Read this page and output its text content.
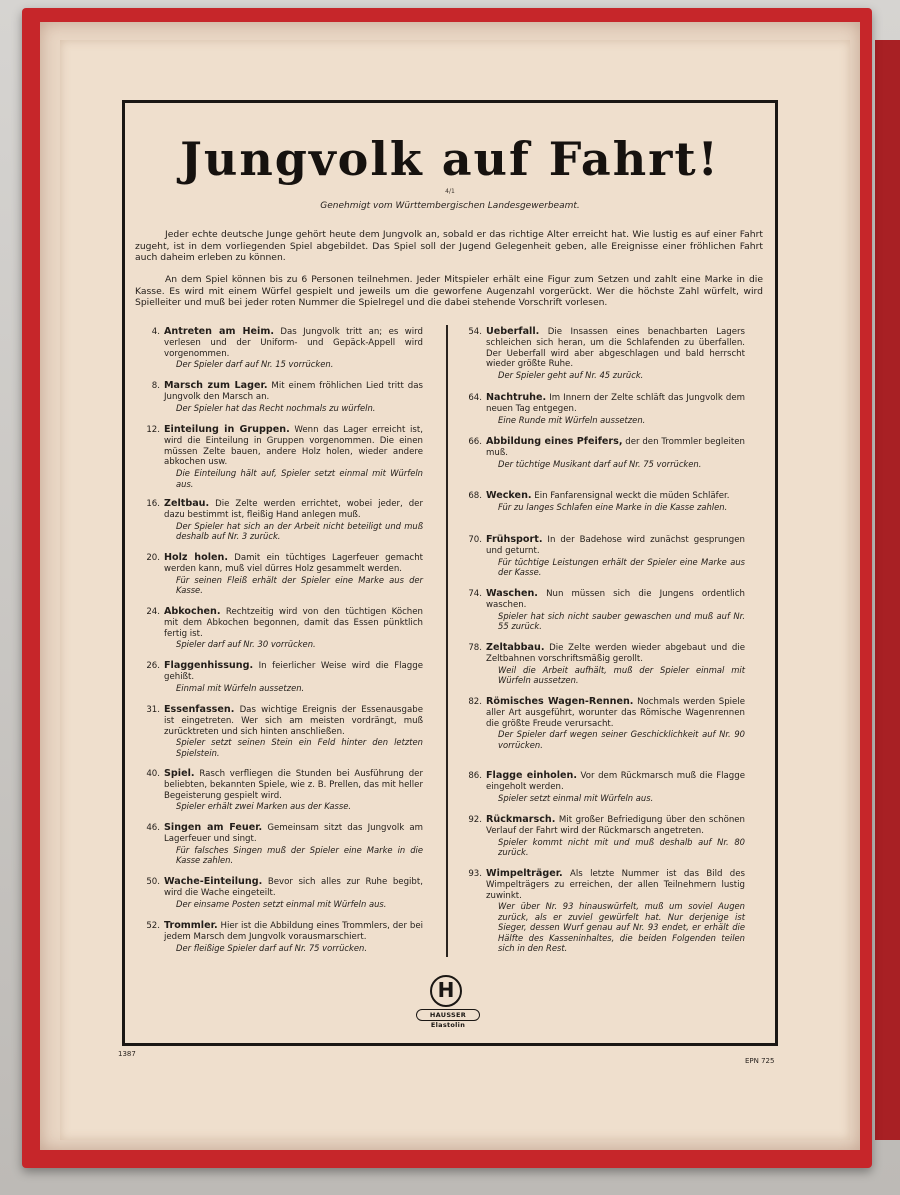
Jungvolk auf Fahrt!
4/1
Genehmigt vom Württembergischen Landesgewerbeamt.
Jeder echte deutsche Junge gehört heute dem Jungvolk an, sobald er das richtige Alter erreicht hat. Wie lustig es auf einer Fahrt zugeht, ist in dem vorliegenden Spiel abgebildet. Das Spiel soll der Jugend Gelegenheit geben, alle Ereignisse einer fröhlichen Fahrt auch daheim erleben zu können.
An dem Spiel können bis zu 6 Personen teilnehmen. Jeder Mitspieler erhält eine Figur zum Setzen und zahlt eine Marke in die Kasse. Es wird mit einem Würfel gespielt und jeweils um die geworfene Augenzahl vorgerückt. Wer die höchste Zahl würfelt, wird Spielleiter und muß bei jeder roten Nummer die Spielregel und die dabei stehende Vorschrift vorlesen.
4. Antreten am Heim. Das Jungvolk tritt an; es wird verlesen und der Uniform- und Gepäck-Appell wird vorgenommen.
Der Spieler darf auf Nr. 15 vorrücken.
8. Marsch zum Lager. Mit einem fröhlichen Lied tritt das Jungvolk den Marsch an.
Der Spieler hat das Recht nochmals zu würfeln.
12. Einteilung in Gruppen. Wenn das Lager erreicht ist, wird die Einteilung in Gruppen vorgenommen. Die einen müssen Zelte bauen, andere Holz holen, wieder andere abkochen usw.
Die Einteilung hält auf, Spieler setzt einmal mit Würfeln aus.
16. Zeltbau. Die Zelte werden errichtet, wobei jeder, der dazu bestimmt ist, fleißig Hand anlegen muß.
Der Spieler hat sich an der Arbeit nicht beteiligt und muß deshalb auf Nr. 3 zurück.
20. Holz holen. Damit ein tüchtiges Lagerfeuer gemacht werden kann, muß viel dürres Holz gesammelt werden.
Für seinen Fleiß erhält der Spieler eine Marke aus der Kasse.
24. Abkochen. Rechtzeitig wird von den tüchtigen Köchen mit dem Abkochen begonnen, damit das Essen pünktlich fertig ist.
Spieler darf auf Nr. 30 vorrücken.
26. Flaggenhissung. In feierlicher Weise wird die Flagge gehißt.
Einmal mit Würfeln aussetzen.
31. Essenfassen. Das wichtige Ereignis der Essenausgabe ist eingetreten. Wer sich am meisten vordrängt, muß zurücktreten und sich hinten anschließen.
Spieler setzt seinen Stein ein Feld hinter den letzten Spielstein.
40. Spiel. Rasch verfliegen die Stunden bei Ausführung der beliebten, bekannten Spiele, wie z. B. Prellen, das mit heller Begeisterung gespielt wird.
Spieler erhält zwei Marken aus der Kasse.
46. Singen am Feuer. Gemeinsam sitzt das Jungvolk am Lagerfeuer und singt.
Für falsches Singen muß der Spieler eine Marke in die Kasse zahlen.
50. Wache-Einteilung. Bevor sich alles zur Ruhe begibt, wird die Wache eingeteilt.
Der einsame Posten setzt einmal mit Würfeln aus.
52. Trommler. Hier ist die Abbildung eines Trommlers, der bei jedem Marsch dem Jungvolk vorausmarschiert.
Der fleißige Spieler darf auf Nr. 75 vorrücken.
54. Ueberfall. Die Insassen eines benachbarten Lagers schleichen sich heran, um die Schlafenden zu überfallen. Der Ueberfall wird aber abgeschlagen und bald herrscht wieder größte Ruhe.
Der Spieler geht auf Nr. 45 zurück.
64. Nachtruhe. Im Innern der Zelte schläft das Jungvolk dem neuen Tag entgegen.
Eine Runde mit Würfeln aussetzen.
66. Abbildung eines Pfeifers, der den Trommler begleiten muß.
Der tüchtige Musikant darf auf Nr. 75 vorrücken.
68. Wecken. Ein Fanfarensignal weckt die müden Schläfer.
Für zu langes Schlafen eine Marke in die Kasse zahlen.
70. Frühsport. In der Badehose wird zunächst gesprungen und geturnt.
Für tüchtige Leistungen erhält der Spieler eine Marke aus der Kasse.
74. Waschen. Nun müssen sich die Jungens ordentlich waschen.
Spieler hat sich nicht sauber gewaschen und muß auf Nr. 55 zurück.
78. Zeltabbau. Die Zelte werden wieder abgebaut und die Zeltbahnen vorschriftsmäßig gerollt.
Weil die Arbeit aufhält, muß der Spieler einmal mit Würfeln aussetzen.
82. Römisches Wagen-Rennen. Nochmals werden Spiele aller Art ausgeführt, worunter das Römische Wagenrennen die größte Freude verursacht.
Der Spieler darf wegen seiner Geschicklichkeit auf Nr. 90 vorrücken.
86. Flagge einholen. Vor dem Rückmarsch muß die Flagge eingeholt werden.
Spieler setzt einmal mit Würfeln aus.
92. Rückmarsch. Mit großer Befriedigung über den schönen Verlauf der Fahrt wird der Rückmarsch angetreten.
Spieler kommt nicht mit und muß deshalb auf Nr. 80 zurück.
93. Wimpelträger. Als letzte Nummer ist das Bild des Wimpelträgers zu erreichen, der allen Teilnehmern lustig zuwinkt.
Wer über Nr. 93 hinauswürfelt, muß um soviel Augen zurück, als er zuviel gewürfelt hat. Nur derjenige ist Sieger, dessen Wurf genau auf Nr. 93 endet, er erhält die Hälfte des Kasseninhaltes, die beiden Folgenden teilen sich in den Rest.
H
HAUSSER Elastolin
1387
EPN 725
